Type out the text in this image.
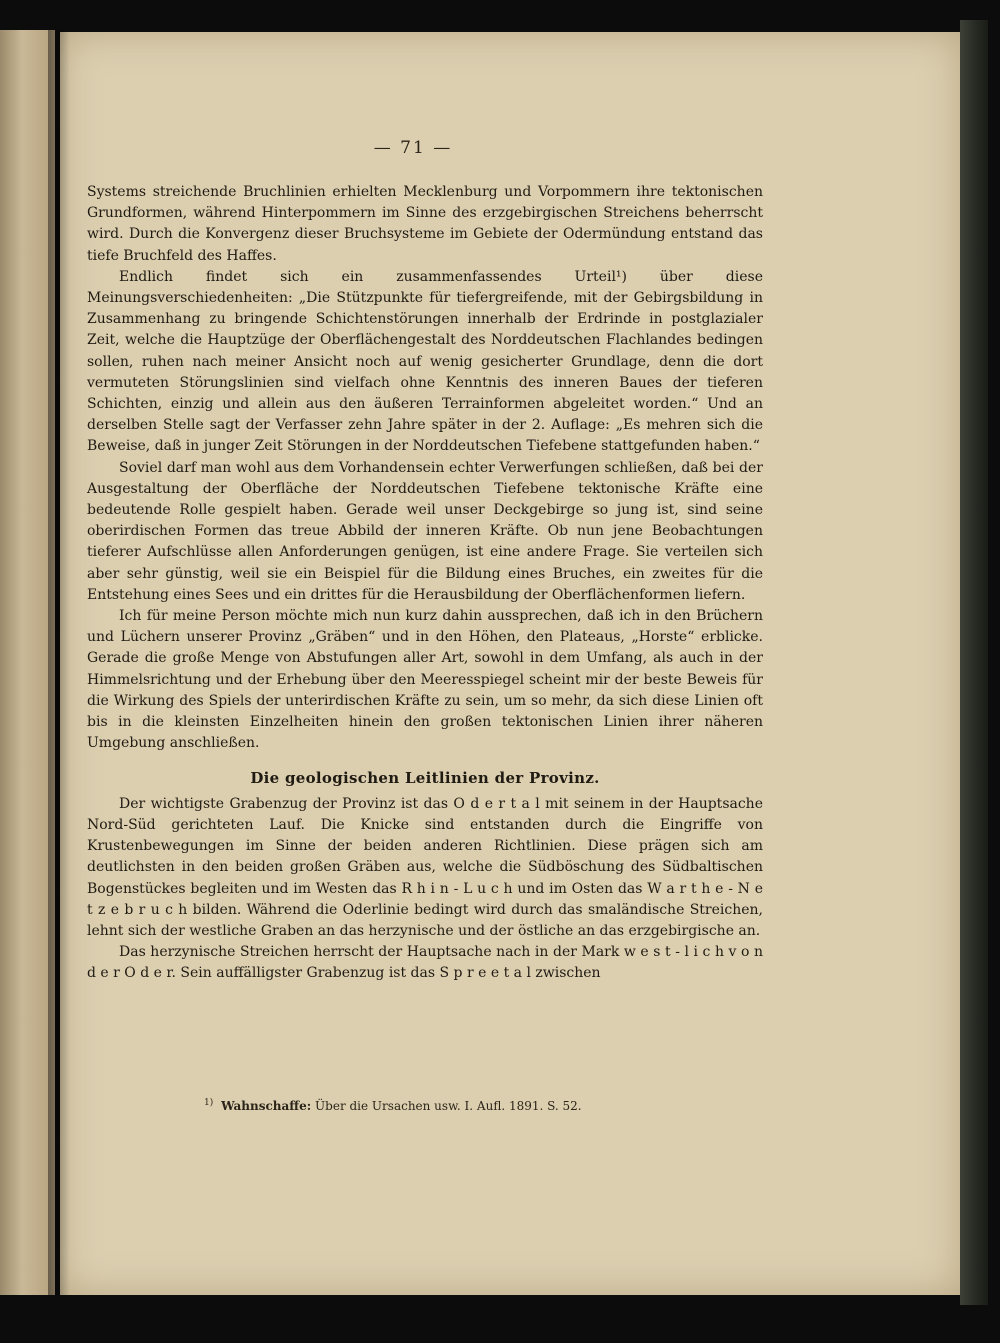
— 71 —

Systems streichende Bruchlinien erhielten Mecklenburg und Vorpommern ihre tektonischen Grundformen, während Hinterpommern im Sinne des erzgebirgischen Streichens beherrscht wird. Durch die Konvergenz dieser Bruchsysteme im Gebiete der Odermündung entstand das tiefe Bruchfeld des Haffes.

Endlich findet sich ein zusammenfassendes Urteil¹) über diese Meinungsverschiedenheiten: „Die Stützpunkte für tiefergreifende, mit der Gebirgsbildung in Zusammenhang zu bringende Schichtenstörungen innerhalb der Erdrinde in postglazialer Zeit, welche die Hauptzüge der Oberflächengestalt des Norddeutschen Flachlandes bedingen sollen, ruhen nach meiner Ansicht noch auf wenig gesicherter Grundlage, denn die dort vermuteten Störungslinien sind vielfach ohne Kenntnis des inneren Baues der tieferen Schichten, einzig und allein aus den äußeren Terrainformen abgeleitet worden.“ Und an derselben Stelle sagt der Verfasser zehn Jahre später in der 2. Auflage: „Es mehren sich die Beweise, daß in junger Zeit Störungen in der Norddeutschen Tiefebene stattgefunden haben.“

Soviel darf man wohl aus dem Vorhandensein echter Verwerfungen schließen, daß bei der Ausgestaltung der Oberfläche der Norddeutschen Tiefebene tektonische Kräfte eine bedeutende Rolle gespielt haben. Gerade weil unser Deckgebirge so jung ist, sind seine oberirdischen Formen das treue Abbild der inneren Kräfte. Ob nun jene Beobachtungen tieferer Aufschlüsse allen Anforderungen genügen, ist eine andere Frage. Sie verteilen sich aber sehr günstig, weil sie ein Beispiel für die Bildung eines Bruches, ein zweites für die Entstehung eines Sees und ein drittes für die Herausbildung der Oberflächenformen liefern.

Ich für meine Person möchte mich nun kurz dahin aussprechen, daß ich in den Brüchern und Lüchern unserer Provinz „Gräben“ und in den Höhen, den Plateaus, „Horste“ erblicke. Gerade die große Menge von Abstufungen aller Art, sowohl in dem Umfang, als auch in der Himmelsrichtung und der Erhebung über den Meeresspiegel scheint mir der beste Beweis für die Wirkung des Spiels der unterirdischen Kräfte zu sein, um so mehr, da sich diese Linien oft bis in die kleinsten Einzelheiten hinein den großen tektonischen Linien ihrer näheren Umgebung anschließen.

Die geologischen Leitlinien der Provinz.

Der wichtigste Grabenzug der Provinz ist das O d e r t a l mit seinem in der Hauptsache Nord-Süd gerichteten Lauf. Die Knicke sind entstanden durch die Eingriffe von Krustenbewegungen im Sinne der beiden anderen Richtlinien. Diese prägen sich am deutlichsten in den beiden großen Gräben aus, welche die Südböschung des Südbaltischen Bogenstückes begleiten und im Westen das R h i n - L u c h und im Osten das W a r t h e - N e t z e b r u c h bilden. Während die Oderlinie bedingt wird durch das smaländische Streichen, lehnt sich der westliche Graben an das herzynische und der östliche an das erzgebirgische an.

Das herzynische Streichen herrscht der Hauptsache nach in der Mark w e s t - l i c h v o n d e r O d e r. Sein auffälligster Grabenzug ist das S p r e e t a l zwischen

$^{1)}$ Wahnschaffe: Über die Ursachen usw. I. Aufl. 1891. S. 52.
